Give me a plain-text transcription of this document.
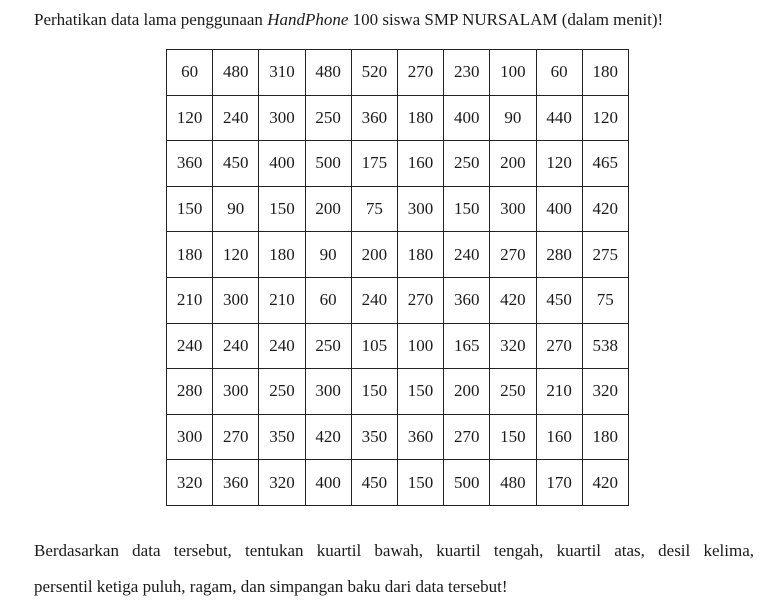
Perhatikan data lama penggunaan HandPhone 100 siswa SMP NURSALAM (dalam menit)!
60	480	310	480	520	270	230	100	60	180
120	240	300	250	360	180	400	90	440	120
360	450	400	500	175	160	250	200	120	465
150	90	150	200	75	300	150	300	400	420
180	120	180	90	200	180	240	270	280	275
210	300	210	60	240	270	360	420	450	75
240	240	240	250	105	100	165	320	270	538
280	300	250	300	150	150	200	250	210	320
300	270	350	420	350	360	270	150	160	180
320	360	320	400	450	150	500	480	170	420
Berdasarkan data tersebut, tentukan kuartil bawah, kuartil tengah, kuartil atas, desil kelima,
persentil ketiga puluh, ragam, dan simpangan baku dari data tersebut!
